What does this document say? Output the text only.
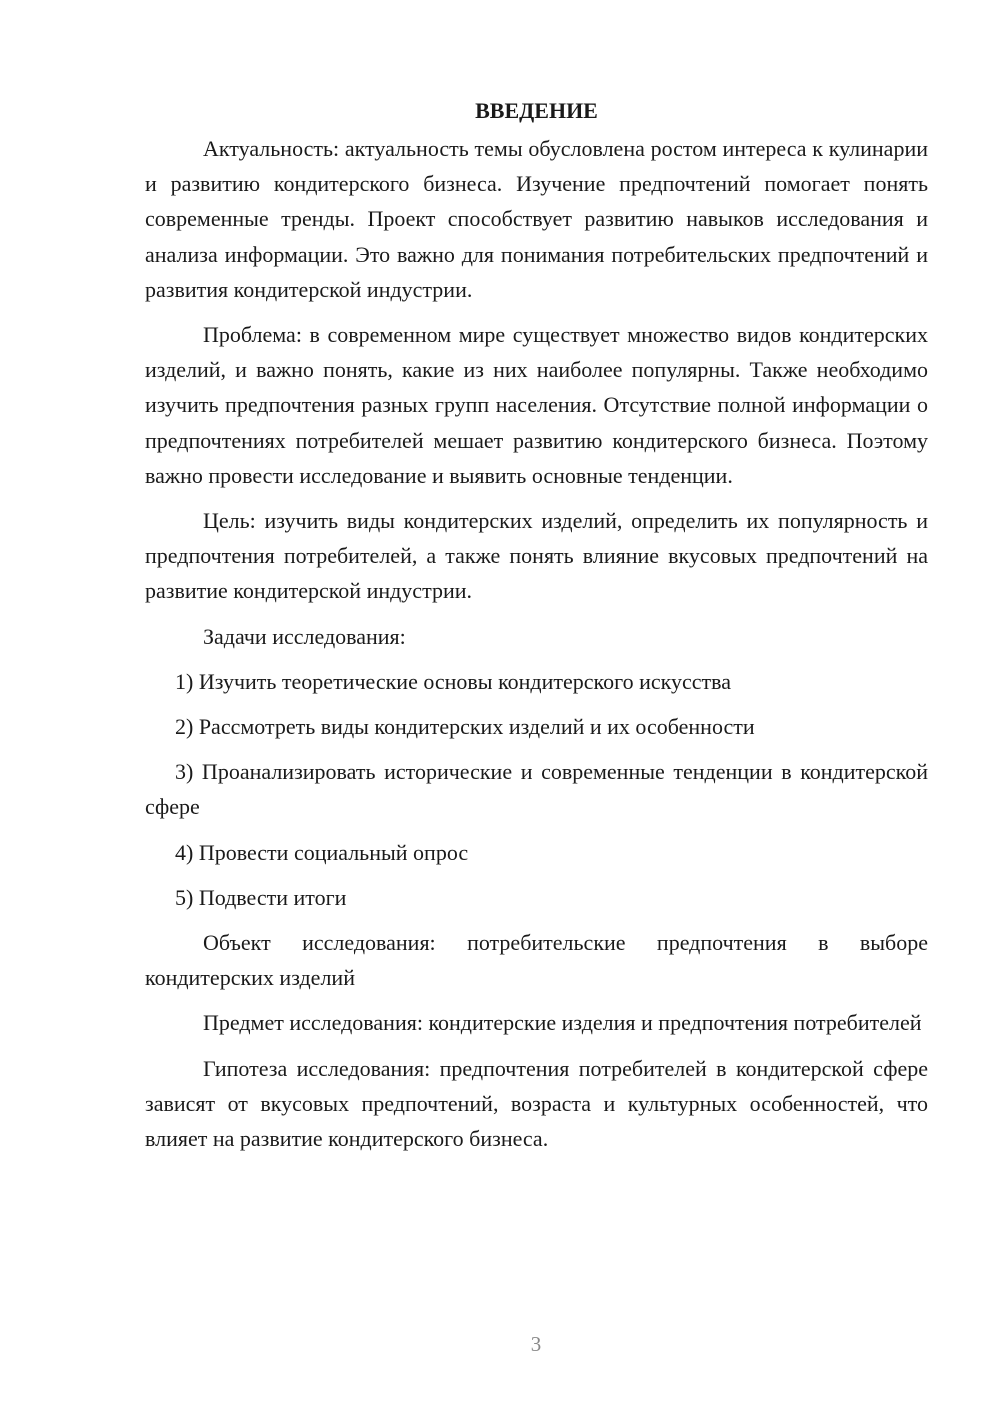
ВВЕДЕНИЕ

Актуальность: актуальность темы обусловлена ростом интереса к кулинарии и развитию кондитерского бизнеса. Изучение предпочтений помогает понять современные тренды. Проект способствует развитию навыков исследования и анализа информации. Это важно для понимания потребительских предпочтений и развития кондитерской индустрии.

Проблема: в современном мире существует множество видов кондитерских изделий, и важно понять, какие из них наиболее популярны. Также необходимо изучить предпочтения разных групп населения. Отсутствие полной информации о предпочтениях потребителей мешает развитию кондитерского бизнеса. Поэтому важно провести исследование и выявить основные тенденции.

Цель: изучить виды кондитерских изделий, определить их популярность и предпочтения потребителей, а также понять влияние вкусовых предпочтений на развитие кондитерской индустрии.

Задачи исследования:

1) Изучить теоретические основы кондитерского искусства

2) Рассмотреть виды кондитерских изделий и их особенности

3) Проанализировать исторические и современные тенденции в кондитерской сфере

4) Провести социальный опрос

5) Подвести итоги

Объект исследования: потребительские предпочтения в выборе кондитерских изделий

Предмет исследования: кондитерские изделия и предпочтения потребителей

Гипотеза исследования: предпочтения потребителей в кондитерской сфере зависят от вкусовых предпочтений, возраста и культурных особенностей, что влияет на развитие кондитерского бизнеса.

3
